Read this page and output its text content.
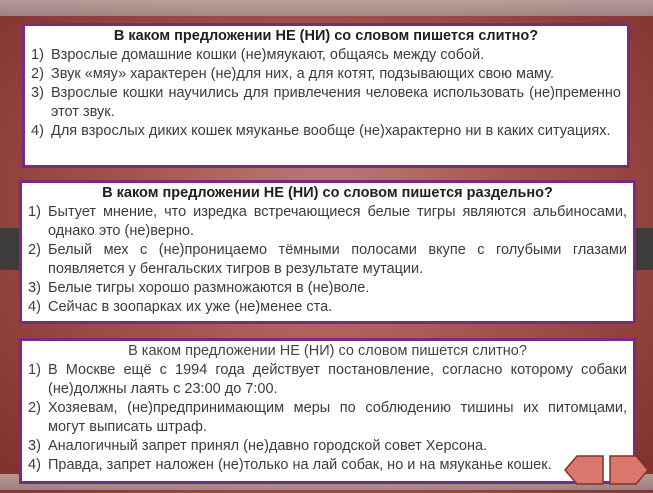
В каком предложении НЕ (НИ) со словом пишется слитно?
1) Взрослые домашние кошки (не)мяукают, общаясь между собой.
2) Звук «мяу» характерен (не)для них, а для котят, подзывающих свою маму.
3) Взрослые кошки научились для привлечения человека использовать (не)пременно этот звук.
4) Для взрослых диких кошек мяуканье вообще (не)характерно ни в каких ситуациях.
В каком предложении НЕ (НИ) со словом пишется раздельно?
1) Бытует мнение, что изредка встречающиеся белые тигры являются альбиносами, однако это (не)верно.
2) Белый мех с (не)проницаемо тёмными полосами вкупе с голубыми глазами появляется у бенгальских тигров в результате мутации.
3) Белые тигры хорошо размножаются в (не)воле.
4) Сейчас в зоопарках их уже (не)менее ста.
В каком предложении НЕ (НИ) со словом пишется слитно?
1) В Москве ещё с 1994 года действует постановление, согласно которому собаки (не)должны лаять с 23:00 до 7:00.
2) Хозяевам, (не)предпринимающим меры по соблюдению тишины их питомцами, могут выписать штраф.
3) Аналогичный запрет принял (не)давно городской совет Херсона.
4) Правда, запрет наложен (не)только на лай собак, но и на мяуканье кошек.
